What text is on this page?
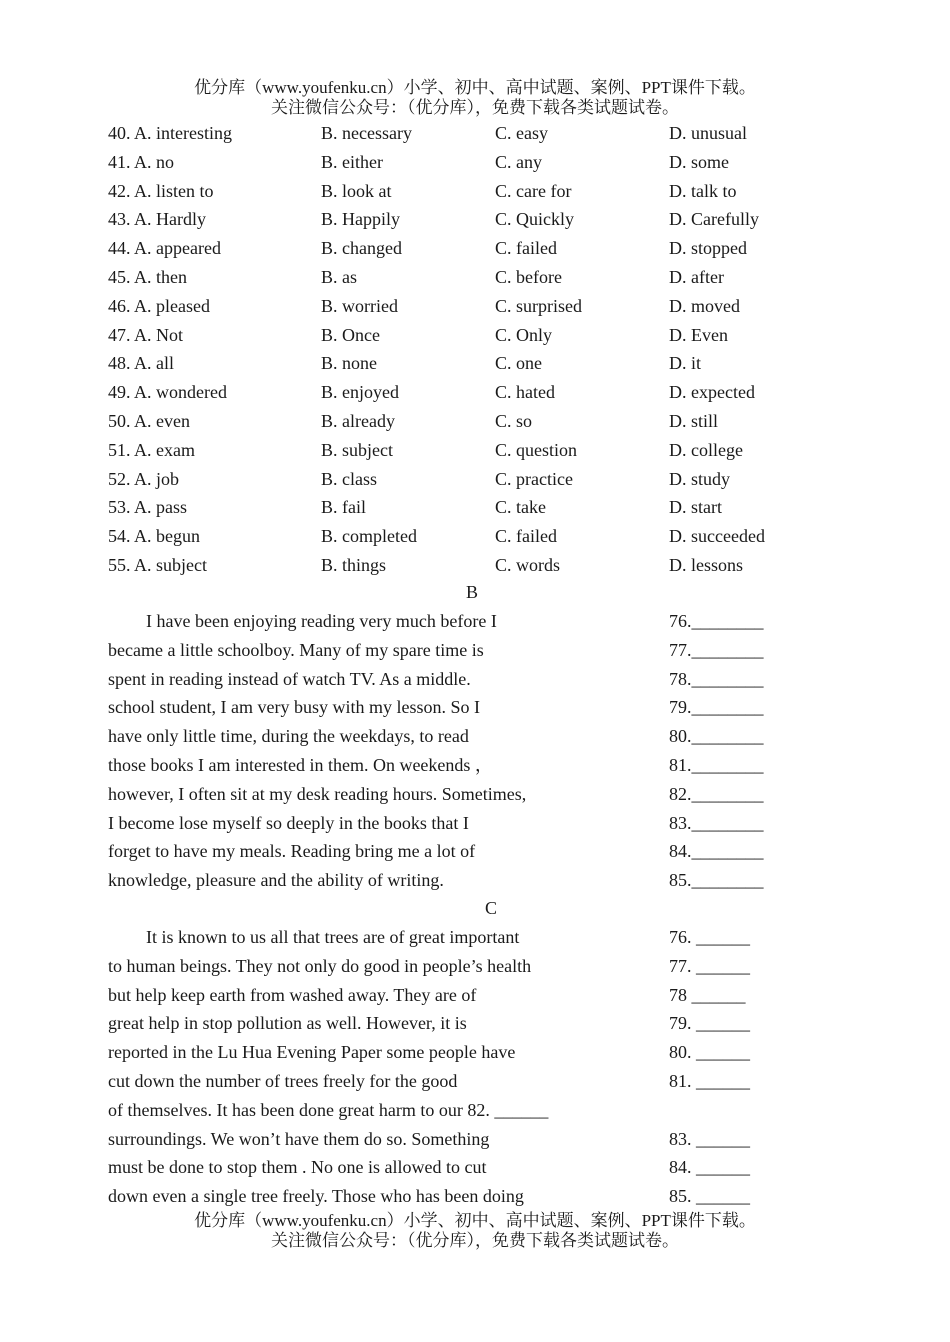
优分库（www.youfenku.cn）小学、初中、高中试题、案例、PPT课件下载。
关注微信公众号：（优分库），免费下载各类试题试卷。
40. A. interesting	B. necessary	C. easy	D. unusual
41. A. no	B. either	C. any	D. some
42. A. listen to	B. look at	C. care for	D. talk to
43. A. Hardly	B. Happily	C. Quickly	D. Carefully
44. A. appeared	B. changed	C. failed	D. stopped
45. A. then	B. as	C. before	D. after
46. A. pleased	B. worried	C. surprised	D. moved
47. A. Not	B. Once	C. Only	D. Even
48. A. all	B. none	C. one	D. it
49. A. wondered	B. enjoyed	C. hated	D. expected
50. A. even	B. already	C. so	D. still
51. A. exam	B. subject	C. question	D. college
52. A. job	B. class	C. practice	D. study
53. A. pass	B. fail	C. take	D. start
54. A. begun	B. completed	C. failed	D. succeeded
55. A. subject	B. things	C. words	D. lessons
B
I have been enjoying reading very much before I	76.________
became a little schoolboy. Many of my spare time is	77.________
spent in reading instead of watch TV. As a middle.	78.________
school student, I am very busy with my lesson. So I	79.________
have only little time, during the weekdays, to read	80.________
those books I am interested in them. On weekends ，	81.________
however, I often sit at my desk reading hours. Sometimes,	82.________
I become lose myself so deeply in the books that I	83.________
forget to have my meals. Reading bring me a lot of	84.________
knowledge, pleasure and the ability of writing.	85.________
C
It is known to us all that trees are of great important	76. ______
to human beings. They not only do good in people’s health	77. ______
but help keep earth from washed away. They are of	78 ______
great help in stop pollution as well. However, it is	79. ______
reported in the Lu Hua Evening Paper some people have	80. ______
cut down the number of trees freely for the good	81. ______
of themselves. It has been done great harm to our 82. ______
surroundings. We won’t have them do so. Something	83. ______
must be done to stop them . No one is allowed to cut	84. ______
down even a single tree freely. Those who has been doing	85. ______
优分库（www.youfenku.cn）小学、初中、高中试题、案例、PPT课件下载。
关注微信公众号：（优分库），免费下载各类试题试卷。
